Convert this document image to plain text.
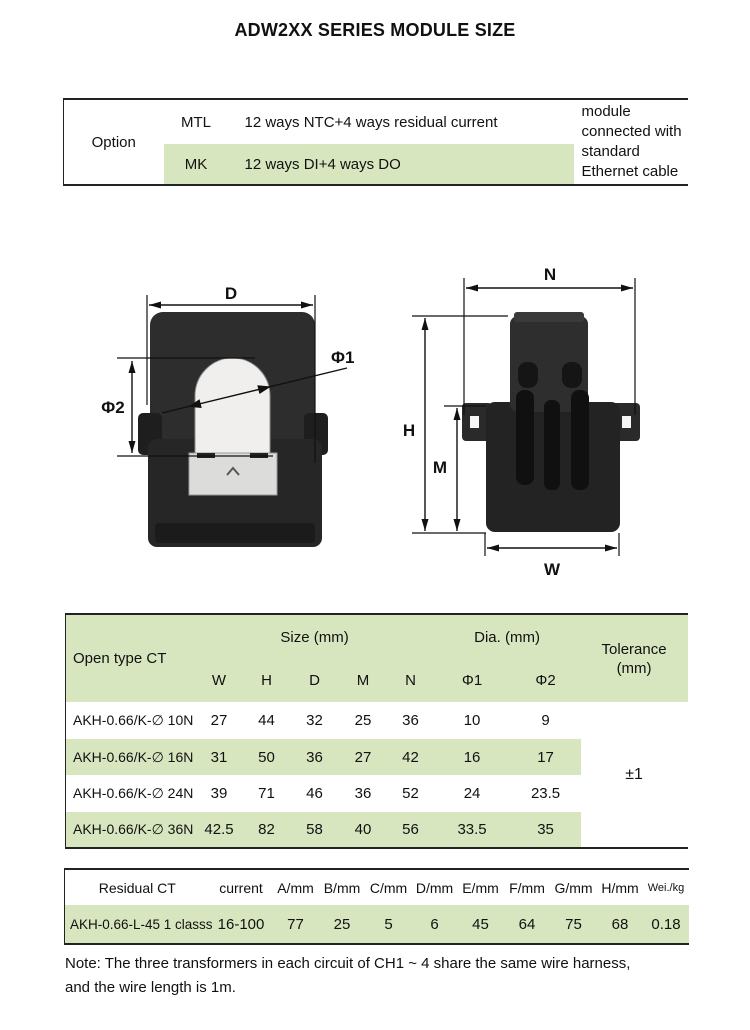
ADW2XX SERIES MODULE SIZE
Option	MTL	12 ways NTC+4 ways residual current	module connected with standard Ethernet cable
	MK	12 ways DI+4 ways DO	
D
Φ1
Φ2
N
H
M
W
Open type CT	Size (mm)					Dia. (mm)		Tolerance
(mm)

	W	H	D	M	N	Φ1	Φ2	
AKH-0.66/K-∅ 10N	27	44	32	25	36	10	9	±1
AKH-0.66/K-∅ 16N	31	50	36	27	42	16	17	
AKH-0.66/K-∅ 24N	39	71	46	36	52	24	23.5	
AKH-0.66/K-∅ 36N	42.5	82	58	40	56	33.5	35	
Residual CT	current	A/mm	B/mm	C/mm	D/mm	E/mm	F/mm	G/mm	H/mm	Wei./kg
AKH-0.66-L-45 1 classs	16-100	77	25	5	6	45	64	75	68	0.18
Note: The three transformers in each circuit of CH1 ~ 4 share the same wire harness,
and the wire length is 1m.
